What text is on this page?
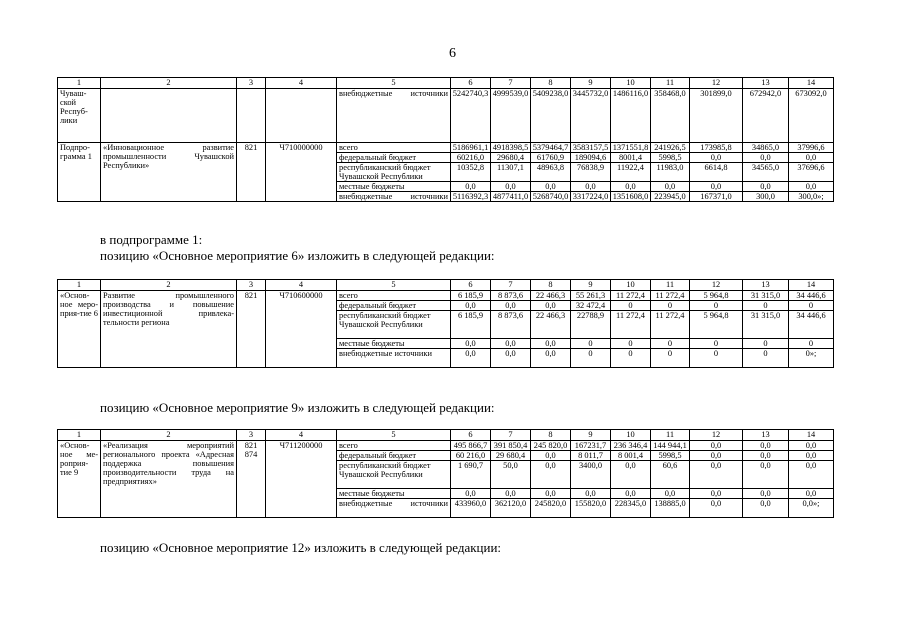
6
1	2	3	4	5	6	7	8	9	10	11	12	13	14
Чуваш-ской Респуб-лики				внебюджетные источники	5242740,3	4999539,0	5409238,0	3445732,0	1486116,0	358468,0	301899,0	672942,0	673092,0
Подпро-грамма 1	«Инновационное развитие промышленности Чувашской Республики»	821	Ч710000000	всего	5186961,1	4918398,5	5379464,7	3583157,5	1371551,8	241926,5	173985,8	34865,0	37996,6
				федеральный бюджет	60216,0	29680,4	61760,9	189094,6	8001,4	5998,5	0,0	0,0	0,0
				республиканский бюджет Чувашской Республики	10352,8	11307,1	48963,8	76838,9	11922,4	11983,0	6614,8	34565,0	37696,6
				местные бюджеты	0,0	0,0	0,0	0,0	0,0	0,0	0,0	0,0	0,0
				внебюджетные источники	5116392,3	4877411,0	5268740,0	3317224,0	1351608,0	223945,0	167371,0	300,0	300,0»;
в подпрограмме 1:
позицию «Основное мероприятие 6» изложить в следующей редакции:
1	2	3	4	5	6	7	8	9	10	11	12	13	14
«Основ-ное меро-прия-тие 6	Развитие промышленного производства и повышение инвестиционной привлека-тельности региона	821	Ч710600000	всего	6 185,9	8 873,6	22 466,3	55 261,3	11 272,4	11 272,4	5 964,8	31 315,0	34 446,6
				федеральный бюджет	0,0	0,0	0,0	32 472,4	0	0	0	0	0
				республиканский бюджет Чувашской Республики	6 185,9	8 873,6	22 466,3	22788,9	11 272,4	11 272,4	5 964,8	31 315,0	34 446,6
				местные бюджеты	0,0	0,0	0,0	0	0	0	0	0	0
				внебюджетные источники	0,0	0,0	0,0	0	0	0	0	0	0»;
позицию «Основное мероприятие 9» изложить в следующей редакции:
1	2	3	4	5	6	7	8	9	10	11	12	13	14
«Основ-ное ме-роприя-тие 9	«Реализация мероприятий регионального проекта «Адресная поддержка повышения производительности труда на предприятиях»	821 874	Ч711200000	всего	495 866,7	391 850,4	245 820,0	167231,7	236 346,4	144 944,1	0,0	0,0	0,0
				федеральный бюджет	60 216,0	29 680,4	0,0	8 011,7	8 001,4	5998,5	0,0	0,0	0,0
				республиканский бюджет Чувашской Республики	1 690,7	50,0	0,0	3400,0	0,0	60,6	0,0	0,0	0,0
				местные бюджеты	0,0	0,0	0,0	0,0	0,0	0,0	0,0	0,0	0,0
				внебюджетные источники	433960,0	362120,0	245820,0	155820,0	228345,0	138885,0	0,0	0,0	0,0»;
позицию «Основное мероприятие 12» изложить в следующей редакции:
